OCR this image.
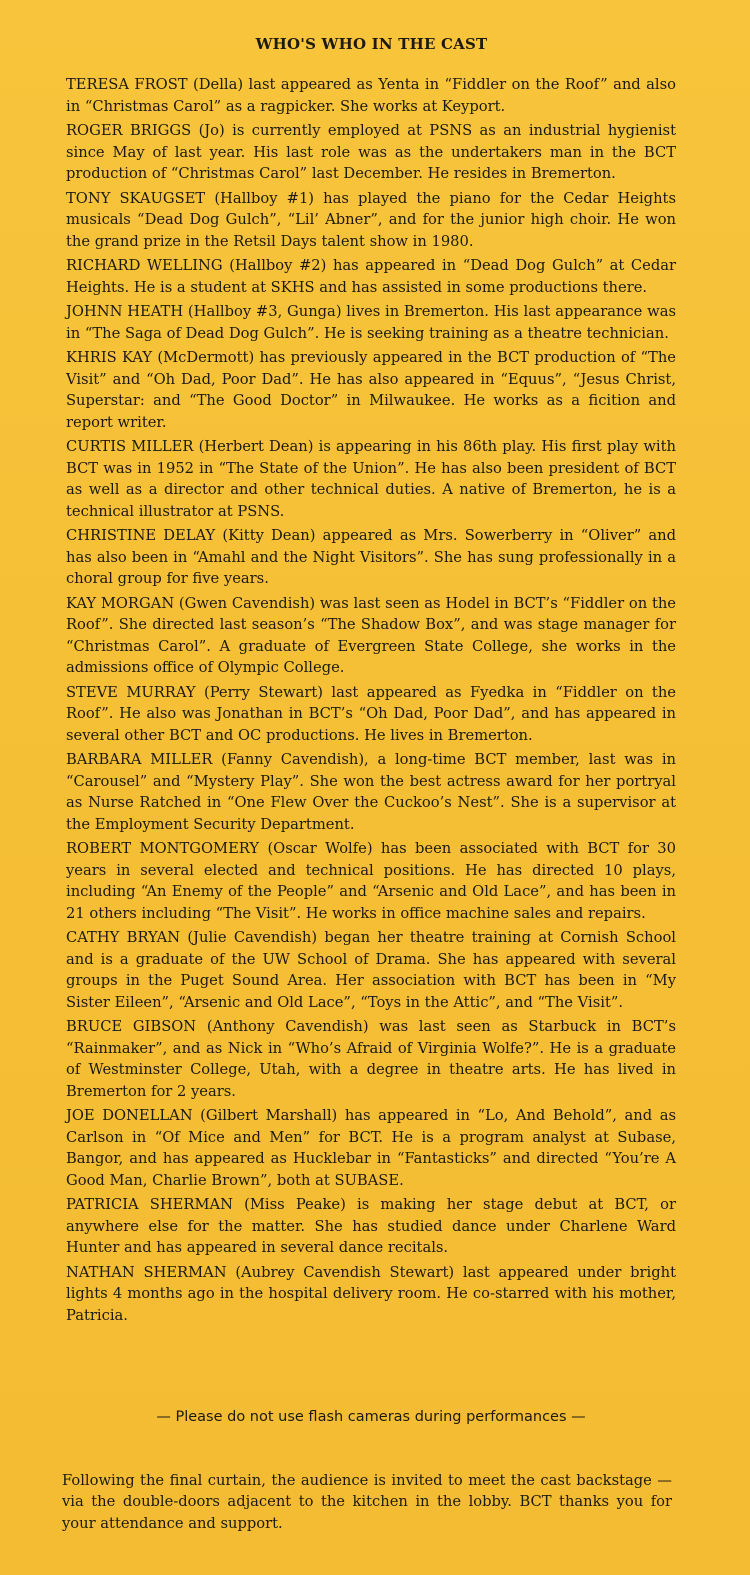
WHO'S WHO IN THE CAST

TERESA FROST (Della) last appeared as Yenta in “Fiddler on the Roof” and also in “Christmas Carol” as a ragpicker. She works at Keyport.

ROGER BRIGGS (Jo) is currently employed at PSNS as an industrial hygienist since May of last year. His last role was as the undertakers man in the BCT production of “Christmas Carol” last December. He resides in Bremerton.

TONY SKAUGSET (Hallboy #1) has played the piano for the Cedar Heights musicals “Dead Dog Gulch”, “Lil’ Abner”, and for the junior high choir. He won the grand prize in the Retsil Days talent show in 1980.

RICHARD WELLING (Hallboy #2) has appeared in “Dead Dog Gulch” at Cedar Heights. He is a student at SKHS and has assisted in some productions there.

JOHNN HEATH (Hallboy #3, Gunga) lives in Bremerton. His last appearance was in “The Saga of Dead Dog Gulch”. He is seeking training as a theatre technician.

KHRIS KAY (McDermott) has previously appeared in the BCT production of “The Visit” and “Oh Dad, Poor Dad”. He has also appeared in “Equus”, “Jesus Christ, Superstar: and “The Good Doctor” in Milwaukee. He works as a ficition and report writer.

CURTIS MILLER (Herbert Dean) is appearing in his 86th play. His first play with BCT was in 1952 in “The State of the Union”. He has also been president of BCT as well as a director and other technical duties. A native of Bremerton, he is a technical illustrator at PSNS.

CHRISTINE DELAY (Kitty Dean) appeared as Mrs. Sowerberry in “Oliver” and has also been in “Amahl and the Night Visitors”. She has sung professionally in a choral group for five years.

KAY MORGAN (Gwen Cavendish) was last seen as Hodel in BCT’s “Fiddler on the Roof”. She directed last season’s “The Shadow Box”, and was stage manager for “Christmas Carol”. A graduate of Evergreen State College, she works in the admissions office of Olympic College.

STEVE MURRAY (Perry Stewart) last appeared as Fyedka in “Fiddler on the Roof”. He also was Jonathan in BCT’s “Oh Dad, Poor Dad”, and has appeared in several other BCT and OC productions. He lives in Bremerton.

BARBARA MILLER (Fanny Cavendish), a long-time BCT member, last was in “Carousel” and “Mystery Play”. She won the best actress award for her portryal as Nurse Ratched in “One Flew Over the Cuckoo’s Nest”. She is a supervisor at the Employment Security Department.

ROBERT MONTGOMERY (Oscar Wolfe) has been associated with BCT for 30 years in several elected and technical positions. He has directed 10 plays, including “An Enemy of the People” and “Arsenic and Old Lace”, and has been in 21 others including “The Visit”. He works in office machine sales and repairs.

CATHY BRYAN (Julie Cavendish) began her theatre training at Cornish School and is a graduate of the UW School of Drama. She has appeared with several groups in the Puget Sound Area. Her association with BCT has been in “My Sister Eileen”, “Arsenic and Old Lace”, “Toys in the Attic”, and “The Visit”.

BRUCE GIBSON (Anthony Cavendish) was last seen as Starbuck in BCT’s “Rainmaker”, and as Nick in “Who’s Afraid of Virginia Wolfe?”. He is a graduate of Westminster College, Utah, with a degree in theatre arts. He has lived in Bremerton for 2 years.

JOE DONELLAN (Gilbert Marshall) has appeared in “Lo, And Behold”, and as Carlson in “Of Mice and Men” for BCT. He is a program analyst at Subase, Bangor, and has appeared as Hucklebar in “Fantasticks” and directed “You’re A Good Man, Charlie Brown”, both at SUBASE.

PATRICIA SHERMAN (Miss Peake) is making her stage debut at BCT, or anywhere else for the matter. She has studied dance under Charlene Ward Hunter and has appeared in several dance recitals.

NATHAN SHERMAN (Aubrey Cavendish Stewart) last appeared under bright lights 4 months ago in the hospital delivery room. He co-starred with his mother, Patricia.

— Please do not use flash cameras during performances —

Following the final curtain, the audience is invited to meet the cast backstage — via the double-doors adjacent to the kitchen in the lobby. BCT thanks you for your attendance and support.
